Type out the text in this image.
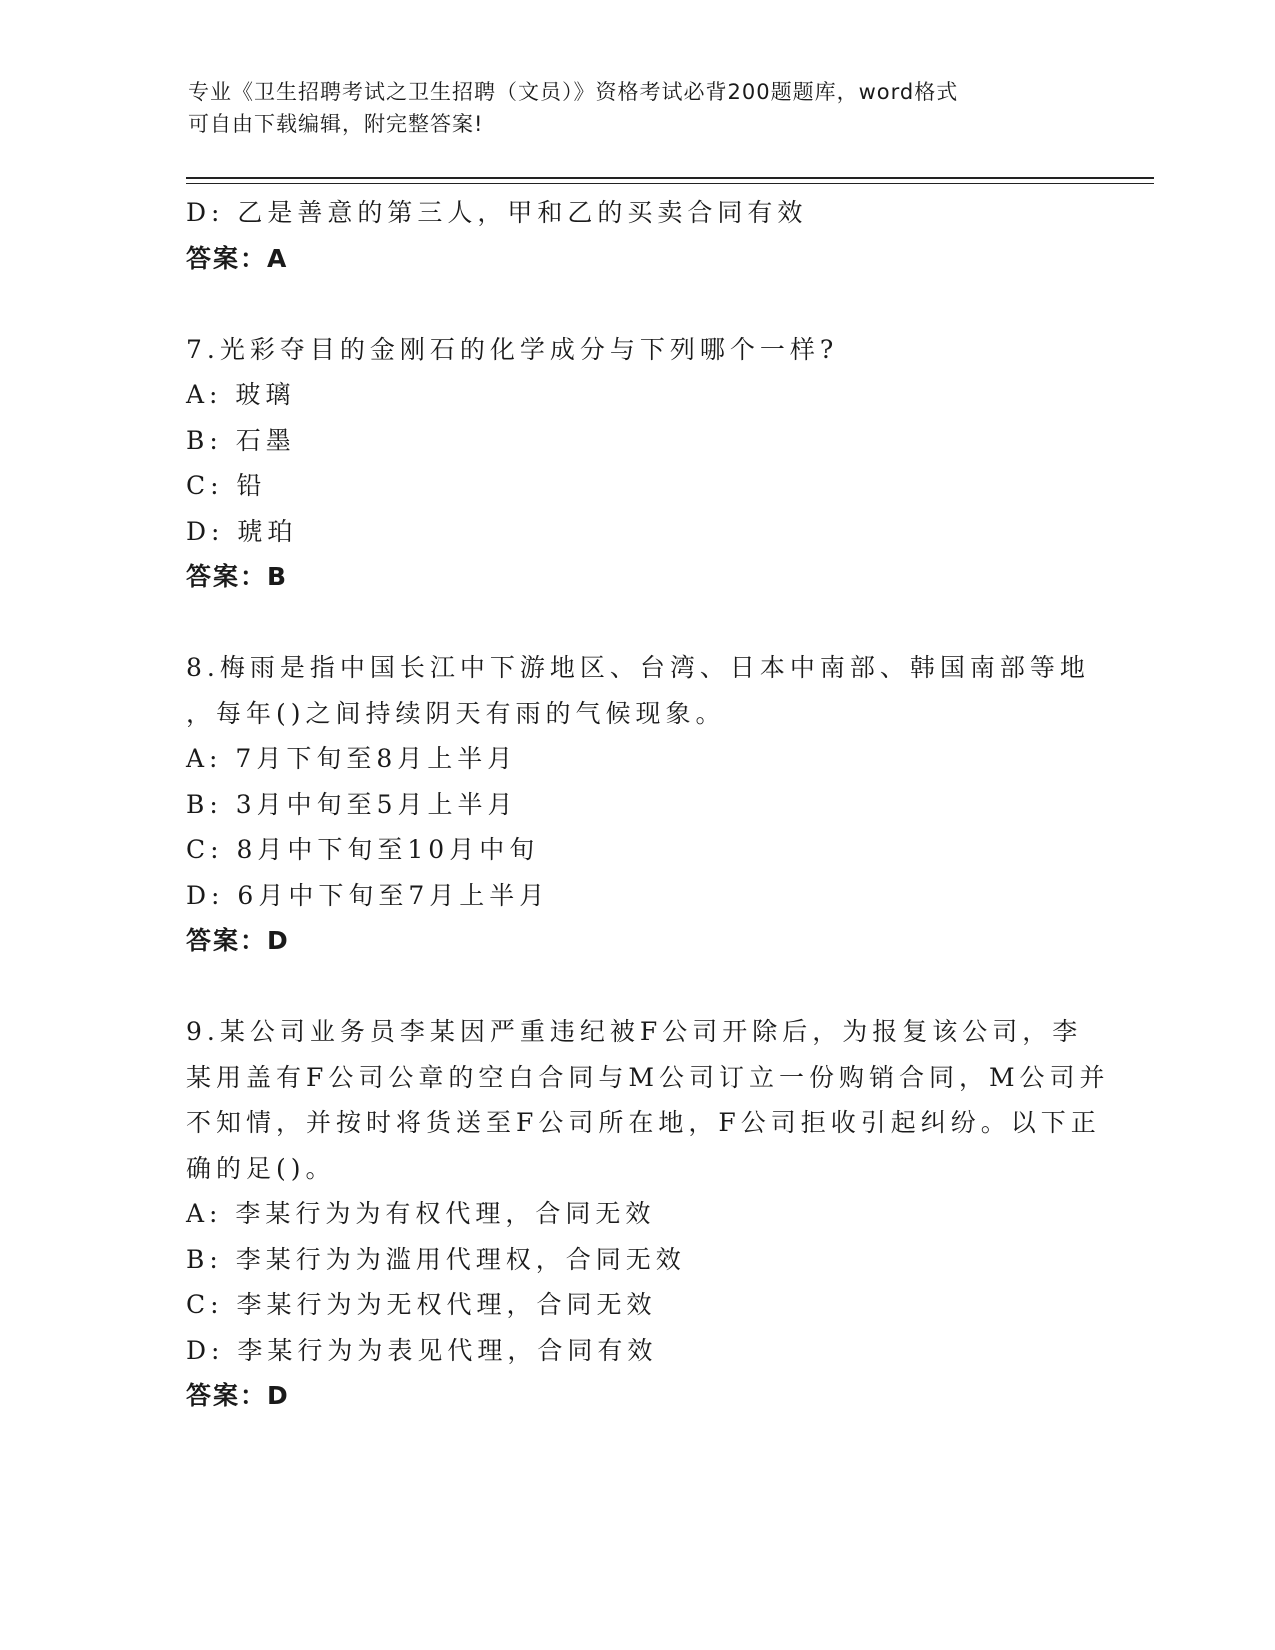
专业《卫生招聘考试之卫生招聘（文员）》资格考试必背200题题库，word格式
可自由下载编辑，附完整答案!
D: 乙是善意的第三人，甲和乙的买卖合同有效
答案：A
7.光彩夺目的金刚石的化学成分与下列哪个一样?
A: 玻璃
B: 石墨
C: 铅
D: 琥珀
答案：B
8.梅雨是指中国长江中下游地区、台湾、日本中南部、韩国南部等地
，每年()之间持续阴天有雨的气候现象。
A: 7月下旬至8月上半月
B: 3月中旬至5月上半月
C: 8月中下旬至10月中旬
D: 6月中下旬至7月上半月
答案：D
9.某公司业务员李某因严重违纪被F公司开除后，为报复该公司，李
某用盖有F公司公章的空白合同与M公司订立一份购销合同，M公司并
不知情，并按时将货送至F公司所在地，F公司拒收引起纠纷。以下正
确的足()。
A: 李某行为为有权代理，合同无效
B: 李某行为为滥用代理权，合同无效
C: 李某行为为无权代理，合同无效
D: 李某行为为表见代理，合同有效
答案：D
